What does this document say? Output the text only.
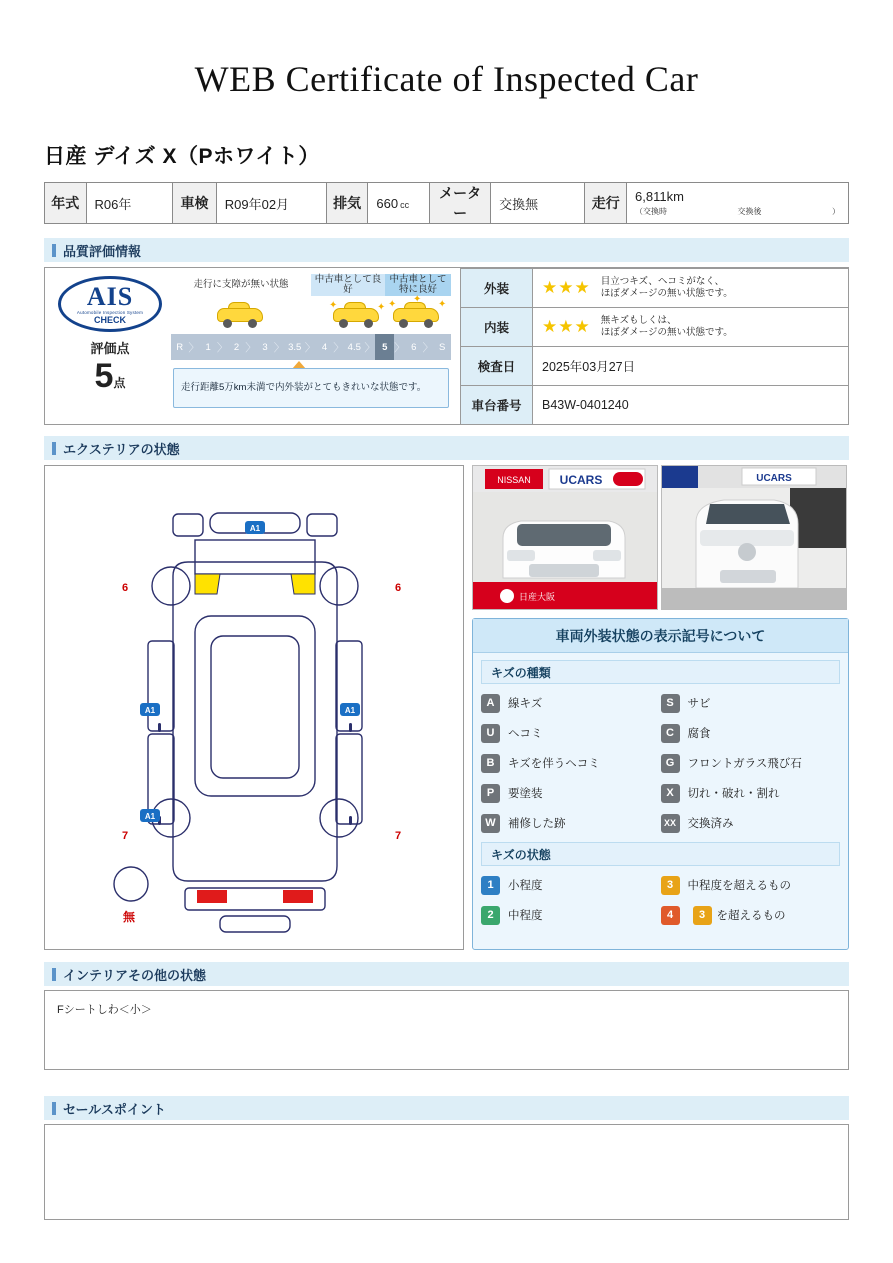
WEB Certificate of Inspected Car
日産 デイズ X（Pホワイト）
年式	R06年	車検	R09年02月	排気	660 cc	メーター	交換無	走行	6,811km
（交換時	交換後	）
品質評価情報
AIS
Automobile Inspection System
CHECK
評価点
5点
走行に支障が無い状態	中古車として良好
中古車として
特に良好
✦	✦ ✦	✦
✦
R 〉 1 〉 2 〉 3 〉 3.5 〉 4 〉 4.5 〉 5 〉 6 〉 S
走行距離5万km未満で内外装がとてもきれいな状態です。
外装	★★★ 目立つキズ、ヘコミがなく、
ほぼダメージの無い状態です。

内装	★★★ 無キズもしくは、
ほぼダメージの無い状態です。

検査日	2025年03月27日
車台番号	B43W-0401240
エクステリアの状態
A1
A1	A1
A1
6	6
7	7
無
NISSAN UCARS
日産大阪
UCARS
車両外装状態の表示記号について
キズの種類
A	線キズ	S	サビ
U	ヘコミ	C	腐食
B	キズを伴うヘコミ	G	フロントガラス飛び石
P	要塗装	X	切れ・破れ・割れ
W	補修した跡	XX	交換済み
キズの状態
1	小程度	3	中程度を超えるもの
2	中程度	4	3 を超えるもの
インテリアその他の状態
Fシートしわ＜小＞
セールスポイント
